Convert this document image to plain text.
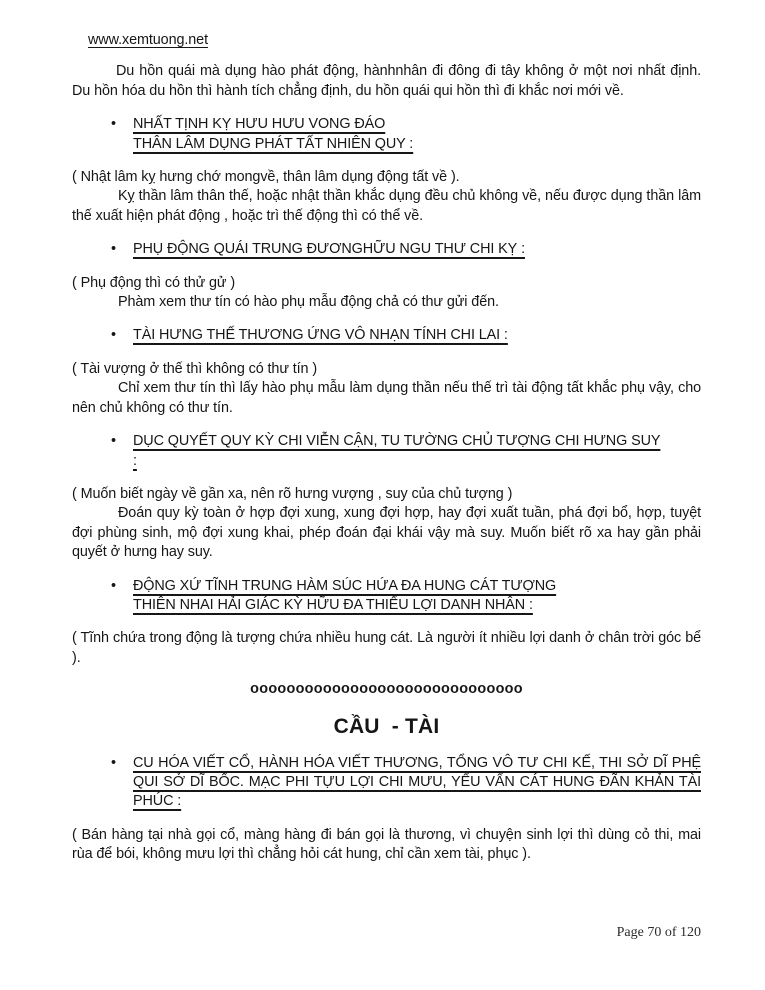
www.xemtuong.net
Du hồn quái mà dụng hào phát động, hànhnhân đi đông đi tây không ở một nơi nhất định. Du hồn hóa du hồn thì hành tích chẳng định, du hồn quái qui hồn thì đi khắc nơi mới về.
• NHẤT TỊNH KỴ HƯU HƯU VONG ĐÁO
THÂN LÂM DỤNG PHÁT TẤT NHIÊN QUY :
( Nhật lâm kỵ hưng chớ mongvề, thân lâm dụng động tất về ).
Kỵ thần lâm thân thế, hoặc nhật thần khắc dụng đều chủ không về, nếu được dụng thần lâm thế xuất hiện phát động , hoặc trì thế động thì có thể về.
• PHỤ ĐỘNG QUÁI TRUNG ĐƯƠNGHỮU NGU THƯ CHI KỴ :
( Phụ động thì có thử gử )
Phàm xem thư tín có hào phụ mẫu động chả có thư gửi đến.
• TÀI HƯNG THẾ THƯƠNG ỨNG VÔ NHẠN TÍNH CHI LAI :
( Tài vượng ở thế thì không có thư tín )
Chỉ xem thư tín thì lấy hào phụ mẫu làm dụng thần nếu thế trì tài động tất khắc phụ vậy, cho nên chủ không có thư tín.
• DỤC QUYẾT QUY KỲ CHI VIỄN CẬN, TU TƯỜNG CHỦ TƯỢNG CHI HƯNG SUY
:
( Muốn biết ngày về gần xa, nên rõ hưng vượng , suy của chủ tượng )
Đoán quy kỳ toàn ở hợp đợi xung, xung đợi hợp, hay đợi xuất tuần, phá đợi bổ, hợp, tuyệt đợi phùng sinh, mộ đợi xung khai, phép đoán đại khái vậy mà suy. Muốn biết rõ xa hay gần phải quyết ở hưng hay suy.
• ĐỘNG XỨ TĨNH TRUNG HÀM SÚC HỨA ĐA HUNG CÁT TƯỢNG
THIÊN NHAI HẢI GIÁC KỲ HỮU ĐA THIỂU LỢI DANH NHÂN :
( Tĩnh chứa trong động là tượng chứa nhiều hung cát. Là người ít nhiều lợi danh ở chân trời góc bể ).
oooooooooooooooooooooooooooooo
CẦU  - TÀI
• CU HÓA VIẾT CỔ, HÀNH HÓA VIẾT THƯƠNG, TỔNG VÔ TƯ CHI KẾ, THI SỞ DĨ PHỆ QUI SỞ DĨ BỐC. MẠC PHI TỰU LỢI CHI MƯU, YẾU VẤN CÁT HUNG ĐÃN KHẢN TÀI PHÚC :
( Bán hàng tại nhà gọi cổ, màng hàng đi bán gọi là thương, vì chuyện sinh lợi thì dùng cỏ thi, mai rùa để bói, không mưu lợi thì chẳng hỏi cát hung, chỉ cần xem tài, phục ).
Page 70 of 120
